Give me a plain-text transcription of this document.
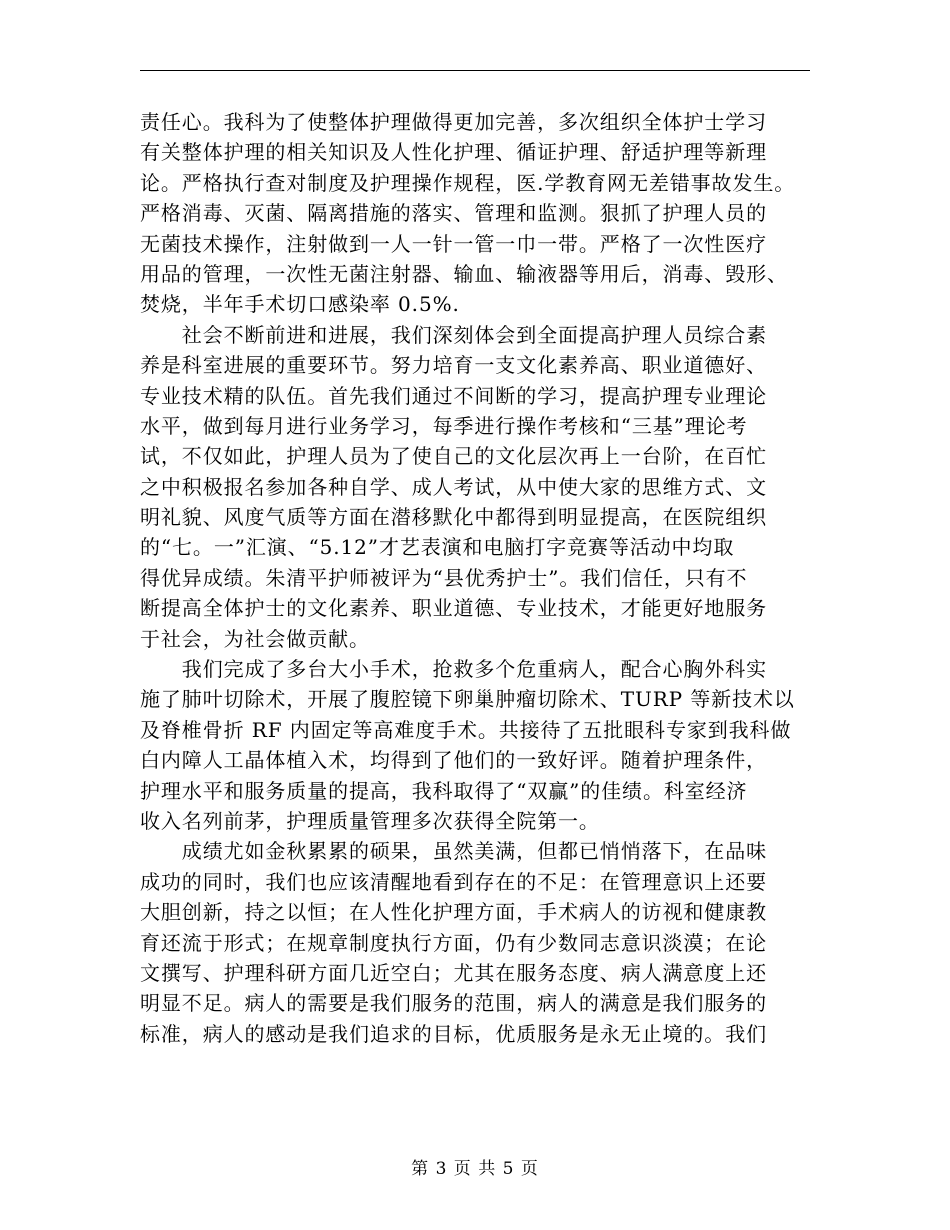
责任心。我科为了使整体护理做得更加完善，多次组织全体护士学习
有关整体护理的相关知识及人性化护理、循证护理、舒适护理等新理
论。严格执行查对制度及护理操作规程，医.学教育网无差错事故发生。
严格消毒、灭菌、隔离措施的落实、管理和监测。狠抓了护理人员的
无菌技术操作，注射做到一人一针一管一巾一带。严格了一次性医疗
用品的管理，一次性无菌注射器、输血、输液器等用后，消毒、毁形、
焚烧，半年手术切口感染率 0.5%.
　　社会不断前进和进展，我们深刻体会到全面提高护理人员综合素
养是科室进展的重要环节。努力培育一支文化素养高、职业道德好、
专业技术精的队伍。首先我们通过不间断的学习，提高护理专业理论
水平，做到每月进行业务学习，每季进行操作考核和“三基”理论考
试，不仅如此，护理人员为了使自己的文化层次再上一台阶，在百忙
之中积极报名参加各种自学、成人考试，从中使大家的思维方式、文
明礼貌、风度气质等方面在潜移默化中都得到明显提高，在医院组织
的“七。一”汇演、“5.12”才艺表演和电脑打字竞赛等活动中均取
得优异成绩。朱清平护师被评为“县优秀护士”。我们信任，只有不
断提高全体护士的文化素养、职业道德、专业技术，才能更好地服务
于社会，为社会做贡献。
　　我们完成了多台大小手术，抢救多个危重病人，配合心胸外科实
施了肺叶切除术，开展了腹腔镜下卵巢肿瘤切除术、TURP 等新技术以
及脊椎骨折 RF 内固定等高难度手术。共接待了五批眼科专家到我科做
白内障人工晶体植入术，均得到了他们的一致好评。随着护理条件，
护理水平和服务质量的提高，我科取得了“双赢”的佳绩。科室经济
收入名列前茅，护理质量管理多次获得全院第一。
　　成绩尤如金秋累累的硕果，虽然美满，但都已悄悄落下，在品味
成功的同时，我们也应该清醒地看到存在的不足：在管理意识上还要
大胆创新，持之以恒；在人性化护理方面，手术病人的访视和健康教
育还流于形式；在规章制度执行方面，仍有少数同志意识淡漠；在论
文撰写、护理科研方面几近空白；尤其在服务态度、病人满意度上还
明显不足。病人的需要是我们服务的范围，病人的满意是我们服务的
标准，病人的感动是我们追求的目标，优质服务是永无止境的。我们
第 3 页 共 5 页
